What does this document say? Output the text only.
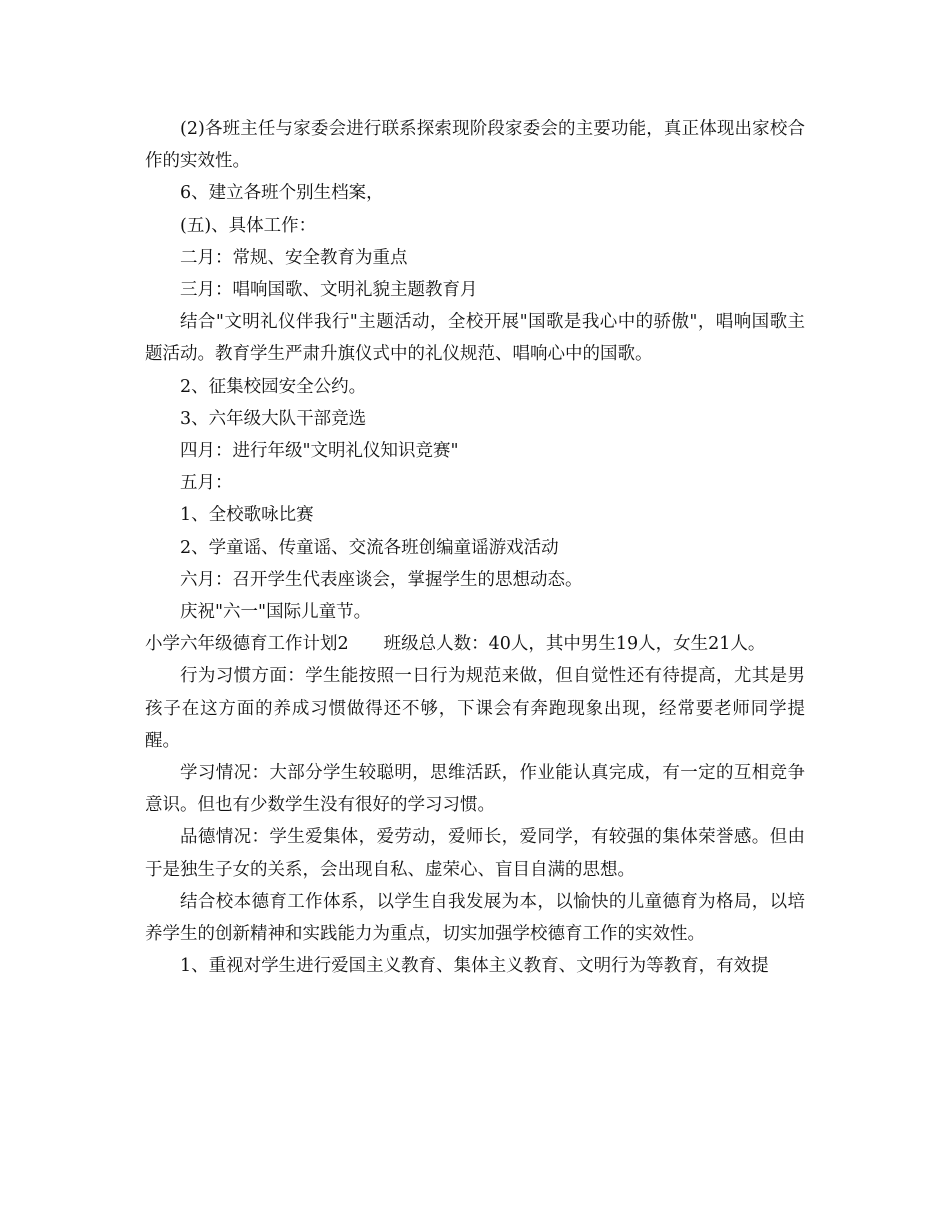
(2)各班主任与家委会进行联系探索现阶段家委会的主要功能，真正体现出家校合作的实效性。

6、建立各班个别生档案，

(五)、具体工作：

二月：常规、安全教育为重点

三月：唱响国歌、文明礼貌主题教育月

结合"文明礼仪伴我行"主题活动，全校开展"国歌是我心中的骄傲"，唱响国歌主题活动。教育学生严肃升旗仪式中的礼仪规范、唱响心中的国歌。

2、征集校园安全公约。

3、六年级大队干部竞选

四月：进行年级"文明礼仪知识竞赛"

五月：

1、全校歌咏比赛

2、学童谣、传童谣、交流各班创编童谣游戏活动

六月：召开学生代表座谈会，掌握学生的思想动态。

庆祝"六一"国际儿童节。

小学六年级德育工作计划2　　班级总人数：40人，其中男生19人，女生21人。

行为习惯方面：学生能按照一日行为规范来做，但自觉性还有待提高，尤其是男孩子在这方面的养成习惯做得还不够，下课会有奔跑现象出现，经常要老师同学提醒。

学习情况：大部分学生较聪明，思维活跃，作业能认真完成，有一定的互相竞争意识。但也有少数学生没有很好的学习习惯。

品德情况：学生爱集体，爱劳动，爱师长，爱同学，有较强的集体荣誉感。但由于是独生子女的关系，会出现自私、虚荣心、盲目自满的思想。

结合校本德育工作体系，以学生自我发展为本，以愉快的儿童德育为格局，以培养学生的创新精神和实践能力为重点，切实加强学校德育工作的实效性。

1、重视对学生进行爱国主义教育、集体主义教育、文明行为等教育，有效提
